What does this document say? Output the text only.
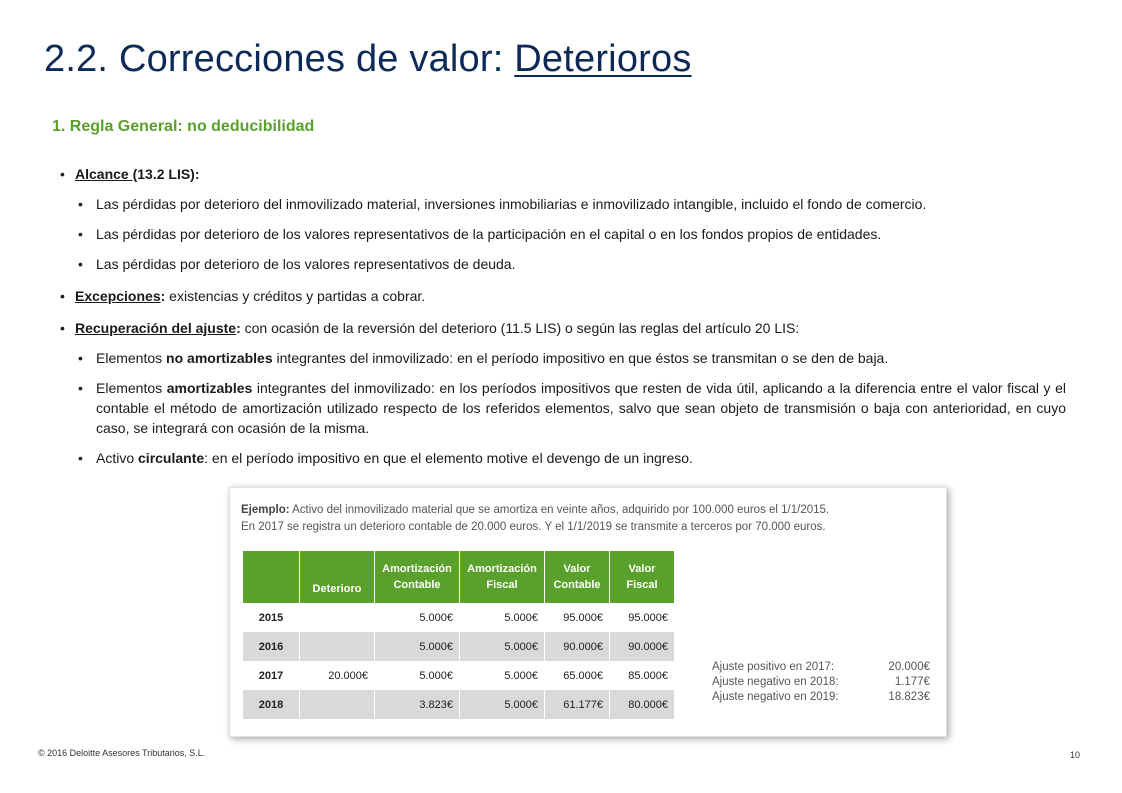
2.2. Correcciones de valor: Deterioros
1. Regla General: no deducibilidad
• Alcance (13.2 LIS):
• Las pérdidas por deterioro del inmovilizado material, inversiones inmobiliarias e inmovilizado intangible, incluido el fondo de comercio.
• Las pérdidas por deterioro de los valores representativos de la participación en el capital o en los fondos propios de entidades.
• Las pérdidas por deterioro de los valores representativos de deuda.
• Excepciones: existencias y créditos y partidas a cobrar.
• Recuperación del ajuste: con ocasión de la reversión del deterioro (11.5 LIS) o según las reglas del artículo 20 LIS:
• Elementos no amortizables integrantes del inmovilizado: en el período impositivo en que éstos se transmitan o se den de baja.
• Elementos amortizables integrantes del inmovilizado: en los períodos impositivos que resten de vida útil, aplicando a la diferencia entre el valor fiscal y el contable el método de amortización utilizado respecto de los referidos elementos, salvo que sean objeto de transmisión o baja con anterioridad, en cuyo caso, se integrará con ocasión de la misma.
• Activo circulante: en el período impositivo en que el elemento motive el devengo de un ingreso.
Ejemplo: Activo del inmovilizado material que se amortiza en veinte años, adquirido por 100.000 euros el 1/1/2015.
En 2017 se registra un deterioro contable de 20.000 euros. Y el 1/1/2019 se transmite a terceros por 70.000 euros.
	Deterioro	Amortización Contable	Amortización Fiscal	Valor Contable	Valor Fiscal
2015		5.000€	5.000€	95.000€	95.000€
2016		5.000€	5.000€	90.000€	90.000€
2017	20.000€	5.000€	5.000€	65.000€	85.000€
2018		3.823€	5.000€	61.177€	80.000€
Ajuste positivo en 2017:	20.000€
Ajuste negativo en 2018:	1.177€
Ajuste negativo en 2019:	18.823€
© 2016 Deloitte Asesores Tributarios, S.L.	10
